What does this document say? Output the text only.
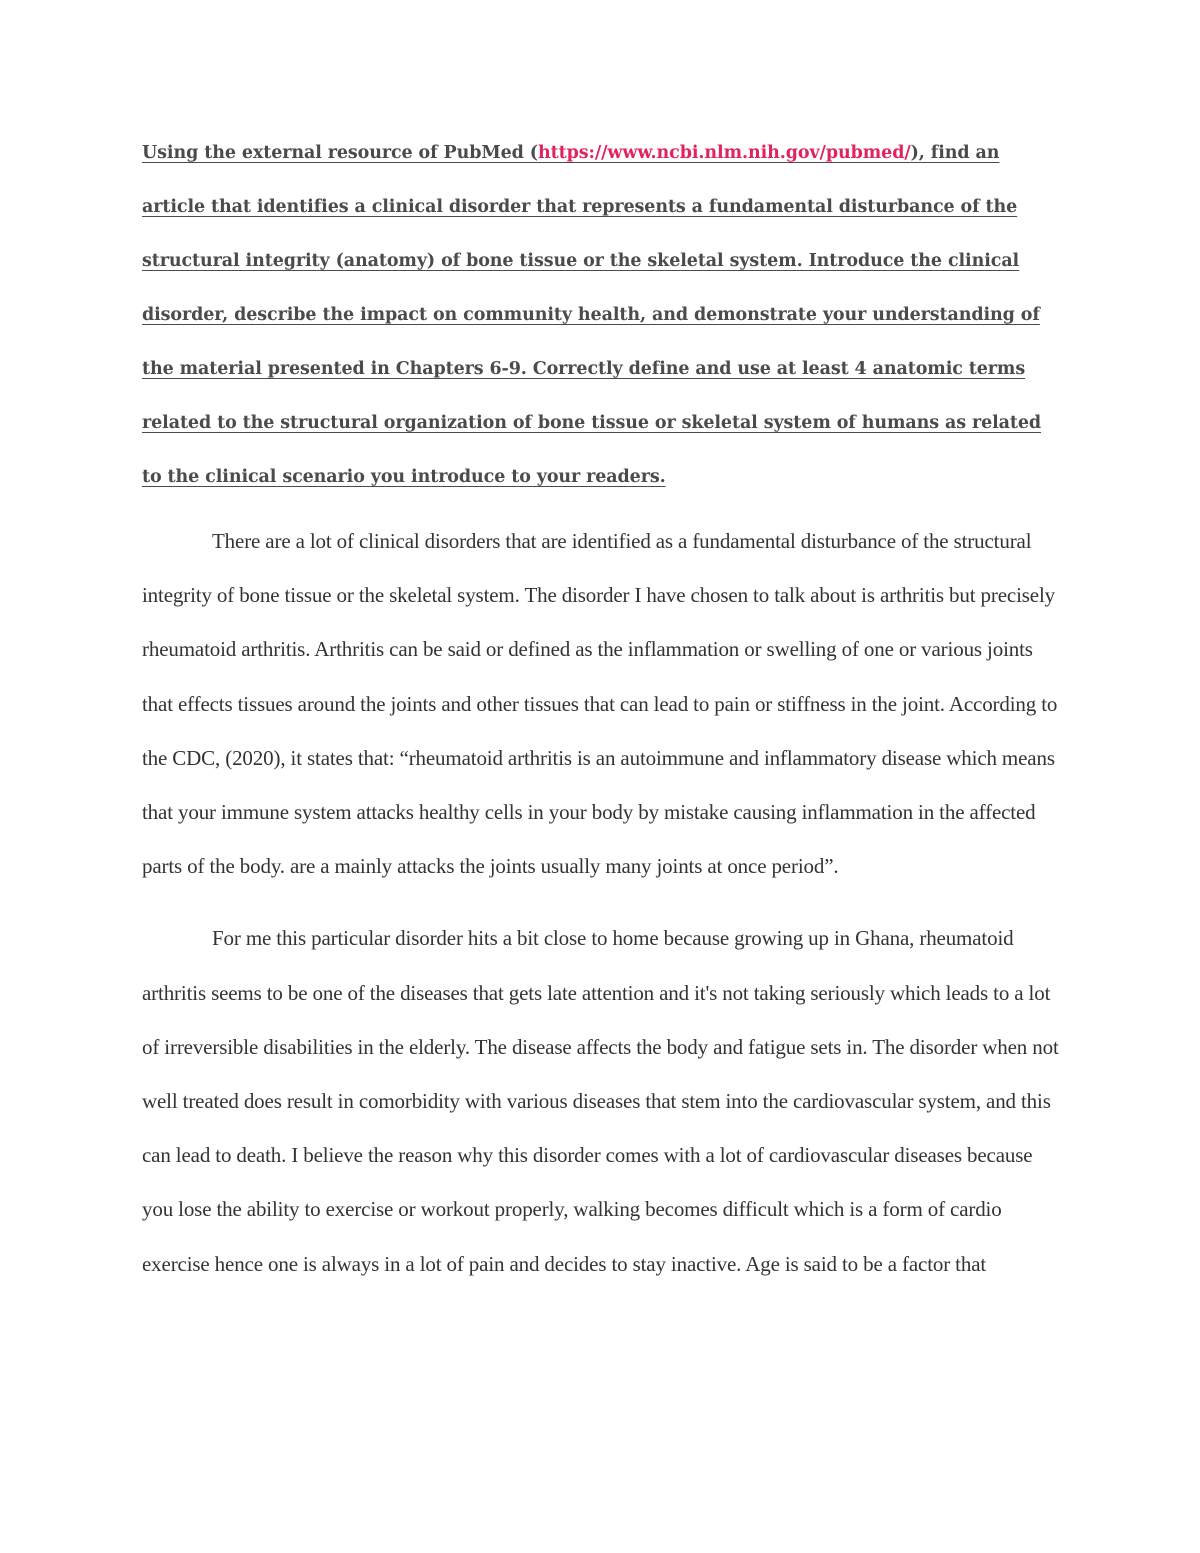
Using the external resource of PubMed (https://www.ncbi.nlm.nih.gov/pubmed/), find an article that identifies a clinical disorder that represents a fundamental disturbance of the structural integrity (anatomy) of bone tissue or the skeletal system. Introduce the clinical disorder, describe the impact on community health, and demonstrate your understanding of the material presented in Chapters 6-9. Correctly define and use at least 4 anatomic terms related to the structural organization of bone tissue or skeletal system of humans as related to the clinical scenario you introduce to your readers.

There are a lot of clinical disorders that are identified as a fundamental disturbance of the structural integrity of bone tissue or the skeletal system. The disorder I have chosen to talk about is arthritis but precisely rheumatoid arthritis. Arthritis can be said or defined as the inflammation or swelling of one or various joints that effects tissues around the joints and other tissues that can lead to pain or stiffness in the joint. According to the CDC, (2020), it states that: “rheumatoid arthritis is an autoimmune and inflammatory disease which means that your immune system attacks healthy cells in your body by mistake causing inflammation in the affected parts of the body. are a mainly attacks the joints usually many joints at once period”.

For me this particular disorder hits a bit close to home because growing up in Ghana, rheumatoid arthritis seems to be one of the diseases that gets late attention and it's not taking seriously which leads to a lot of irreversible disabilities in the elderly. The disease affects the body and fatigue sets in. The disorder when not well treated does result in comorbidity with various diseases that stem into the cardiovascular system, and this can lead to death. I believe the reason why this disorder comes with a lot of cardiovascular diseases because you lose the ability to exercise or workout properly, walking becomes difficult which is a form of cardio exercise hence one is always in a lot of pain and decides to stay inactive. Age is said to be a factor that
